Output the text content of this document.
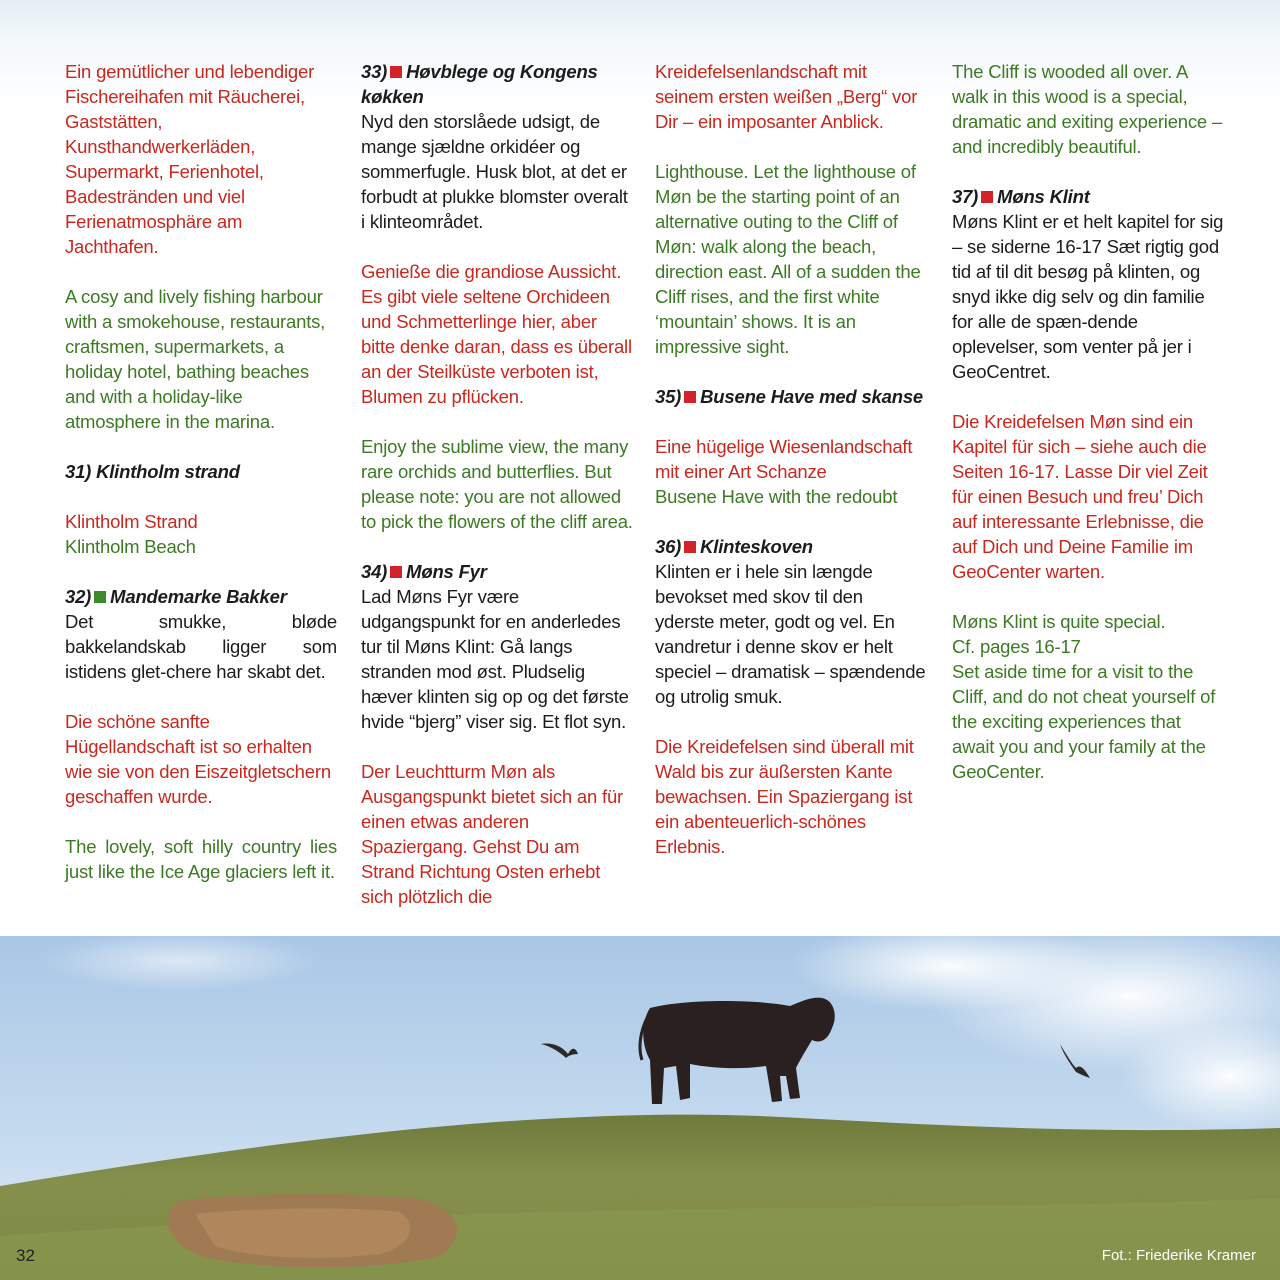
Ein gemütlicher und lebendiger Fischereihafen mit Räucherei, Gaststätten, Kunsthandwerkerläden, Supermarkt, Ferienhotel, Badestränden und viel Ferienatmosphäre am Jachthafen.

A cosy and lively fishing harbour with a smokehouse, restaurants, craftsmen, supermarkets, a holiday hotel, bathing beaches and with a holiday-like atmosphere in the marina.

31) Klintholm strand

Klintholm Strand
Klintholm Beach

32) Mandemarke Bakker
Det smukke, bløde bakkelandskab ligger som istidens glet-chere har skabt det.

Die schöne sanfte Hügellandschaft ist so erhalten wie sie von den Eiszeitgletschern geschaffen wurde.

The lovely, soft hilly country lies just like the Ice Age glaciers left it.

33) Høvblege og Kongens køkken
Nyd den storslåede udsigt, de mange sjældne orkidéer og sommerfugle. Husk blot, at det er forbudt at plukke blomster overalt i klinteområdet.

Genieße die grandiose Aussicht. Es gibt viele seltene Orchideen und Schmetterlinge hier, aber bitte denke daran, dass es überall an der Steilküste verboten ist, Blumen zu pflücken.

Enjoy the sublime view, the many rare orchids and butterflies. But please note: you are not allowed to pick the flowers of the cliff area.

34) Møns Fyr
Lad Møns Fyr være udgangspunkt for en anderledes tur til Møns Klint: Gå langs stranden mod øst. Pludselig hæver klinten sig op og det første hvide “bjerg” viser sig. Et flot syn.

Der Leuchtturm Møn als Ausgangspunkt bietet sich an für einen etwas anderen Spaziergang. Gehst Du am Strand Richtung Osten erhebt sich plötzlich die

Kreidefelsenlandschaft mit seinem ersten weißen „Berg“ vor Dir – ein imposanter Anblick.

Lighthouse. Let the lighthouse of Møn be the starting point of an alternative outing to the Cliff of Møn: walk along the beach, direction east. All of a sudden the Cliff rises, and the first white ‘mountain’ shows. It is an impressive sight.

35) Busene Have med skanse
Eine hügelige Wiesenlandschaft mit einer Art Schanze
Busene Have with the redoubt

36) Klinteskoven
Klinten er i hele sin længde bevokset med skov til den yderste meter, godt og vel. En vandretur i denne skov er helt speciel – dramatisk – spændende og utrolig smuk.

Die Kreidefelsen sind überall mit Wald bis zur äußersten Kante bewachsen. Ein Spaziergang ist ein abenteuerlich-schönes Erlebnis.

The Cliff is wooded all over. A walk in this wood is a special, dramatic and exiting experience – and incredibly beautiful.

37) Møns Klint
Møns Klint er et helt kapitel for sig – se siderne 16-17 Sæt rigtig god tid af til dit besøg på klinten, og snyd ikke dig selv og din familie for alle de spæn-dende oplevelser, som venter på jer i GeoCentret.

Die Kreidefelsen Møn sind ein Kapitel für sich – siehe auch die Seiten 16-17. Lasse Dir viel Zeit für einen Besuch und freu’ Dich auf interessante Erlebnisse, die auf Dich und Deine Familie im GeoCenter warten.

Møns Klint is quite special.
Cf. pages 16-17
Set aside time for a visit to the Cliff, and do not cheat yourself of the exciting experiences that await you and your family at the GeoCenter.

32	Fot.: Friederike Kramer
